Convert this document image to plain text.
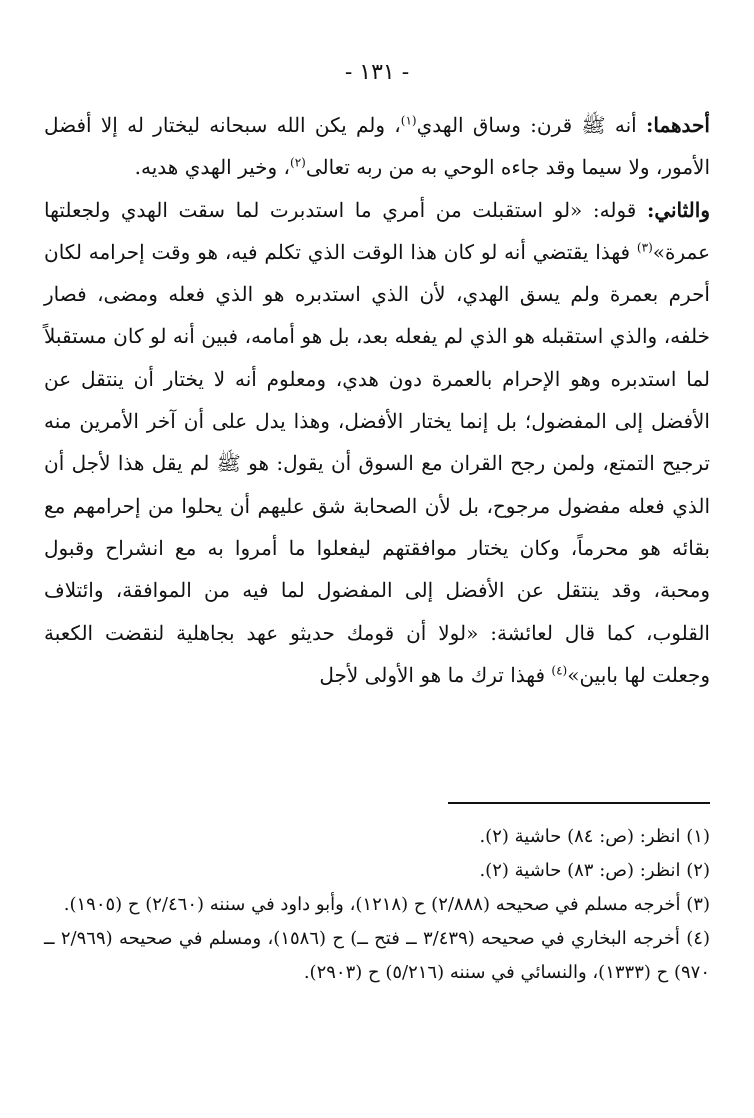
- ١٣١ -

أحدهما: أنه ﷺ قرن: وساق الهدي$^{(١)}$، ولم يكن الله سبحانه ليختار له إلا أفضل الأمور، ولا سيما وقد جاءه الوحي به من ربه تعالى$^{(٢)}$، وخير الهدي هديه.

والثاني: قوله: «لو استقبلت من أمري ما استدبرت لما سقت الهدي ولجعلتها عمرة»$^{(٣)}$ فهذا يقتضي أنه لو كان هذا الوقت الذي تكلم فيه، هو وقت إحرامه لكان أحرم بعمرة ولم يسق الهدي، لأن الذي استدبره هو الذي فعله ومضى، فصار خلفه، والذي استقبله هو الذي لم يفعله بعد، بل هو أمامه، فبين أنه لو كان مستقبلاً لما استدبره وهو الإحرام بالعمرة دون هدي، ومعلوم أنه لا يختار أن ينتقل عن الأفضل إلى المفضول؛ بل إنما يختار الأفضل، وهذا يدل على أن آخر الأمرين منه ترجيح التمتع، ولمن رجح القران مع السوق أن يقول: هو ﷺ لم يقل هذا لأجل أن الذي فعله مفضول مرجوح، بل لأن الصحابة شق عليهم أن يحلوا من إحرامهم مع بقائه هو محرماً، وكان يختار موافقتهم ليفعلوا ما أمروا به مع انشراح وقبول ومحبة، وقد ينتقل عن الأفضل إلى المفضول لما فيه من الموافقة، وائتلاف القلوب، كما قال لعائشة: «لولا أن قومك حديثو عهد بجاهلية لنقضت الكعبة وجعلت لها بابين»$^{(٤)}$ فهذا ترك ما هو الأولى لأجل

(١) انظر: (ص: ٨٤) حاشية (٢).

(٢) انظر: (ص: ٨٣) حاشية (٢).

(٣) أخرجه مسلم في صحيحه (٢/٨٨٨) ح (١٢١٨)، وأبو داود في سننه (٢/٤٦٠) ح (١٩٠٥).

(٤) أخرجه البخاري في صحيحه (٣/٤٣٩ ــ فتح ــ) ح (١٥٨٦)، ومسلم في صحيحه (٢/٩٦٩ ــ ٩٧٠) ح (١٣٣٣)، والنسائي في سننه (٥/٢١٦) ح (٢٩٠٣).
